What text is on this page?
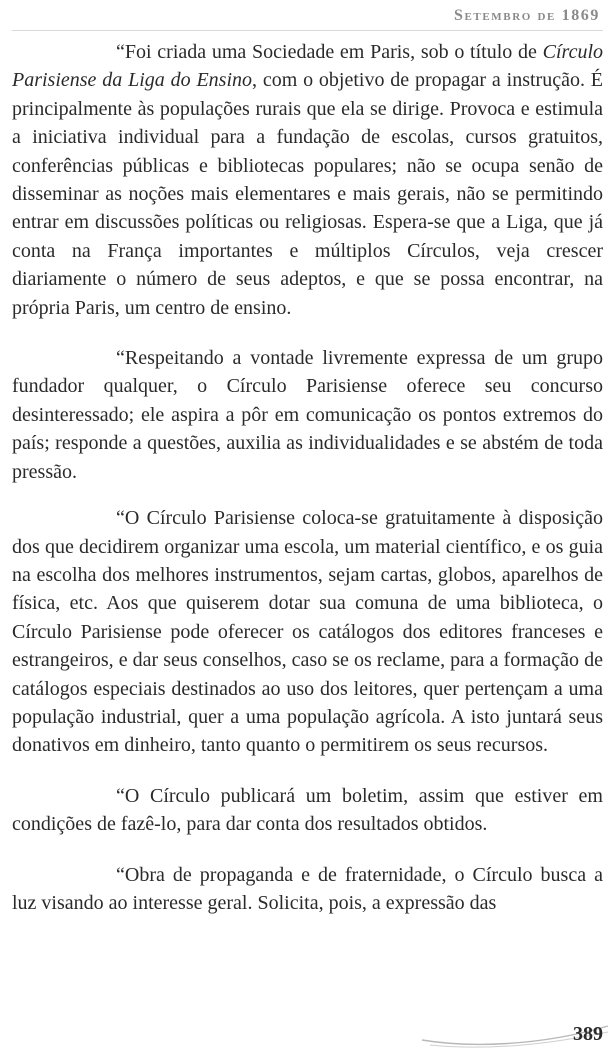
Setembro de 1869

“Foi criada uma Sociedade em Paris, sob o título de Círculo Parisiense da Liga do Ensino, com o objetivo de propagar a instrução. É principalmente às populações rurais que ela se dirige. Provoca e estimula a iniciativa individual para a fundação de escolas, cursos gratuitos, conferências públicas e bibliotecas populares; não se ocupa senão de disseminar as noções mais elementares e mais gerais, não se permitindo entrar em discussões políticas ou religiosas. Espera-se que a Liga, que já conta na França importantes e múltiplos Círculos, veja crescer diariamente o número de seus adeptos, e que se possa encontrar, na própria Paris, um centro de ensino.

“Respeitando a vontade livremente expressa de um grupo fundador qualquer, o Círculo Parisiense oferece seu concurso desinteressado; ele aspira a pôr em comunicação os pontos extremos do país; responde a questões, auxilia as individualidades e se abstém de toda pressão.

“O Círculo Parisiense coloca-se gratuitamente à disposição dos que decidirem organizar uma escola, um material científico, e os guia na escolha dos melhores instrumentos, sejam cartas, globos, aparelhos de física, etc. Aos que quiserem dotar sua comuna de uma biblioteca, o Círculo Parisiense pode oferecer os catálogos dos editores franceses e estrangeiros, e dar seus conselhos, caso se os reclame, para a formação de catálogos especiais destinados ao uso dos leitores, quer pertençam a uma população industrial, quer a uma população agrícola. A isto juntará seus donativos em dinheiro, tanto quanto o permitirem os seus recursos.

“O Círculo publicará um boletim, assim que estiver em condições de fazê-lo, para dar conta dos resultados obtidos.

“Obra de propaganda e de fraternidade, o Círculo busca a luz visando ao interesse geral. Solicita, pois, a expressão das

389
